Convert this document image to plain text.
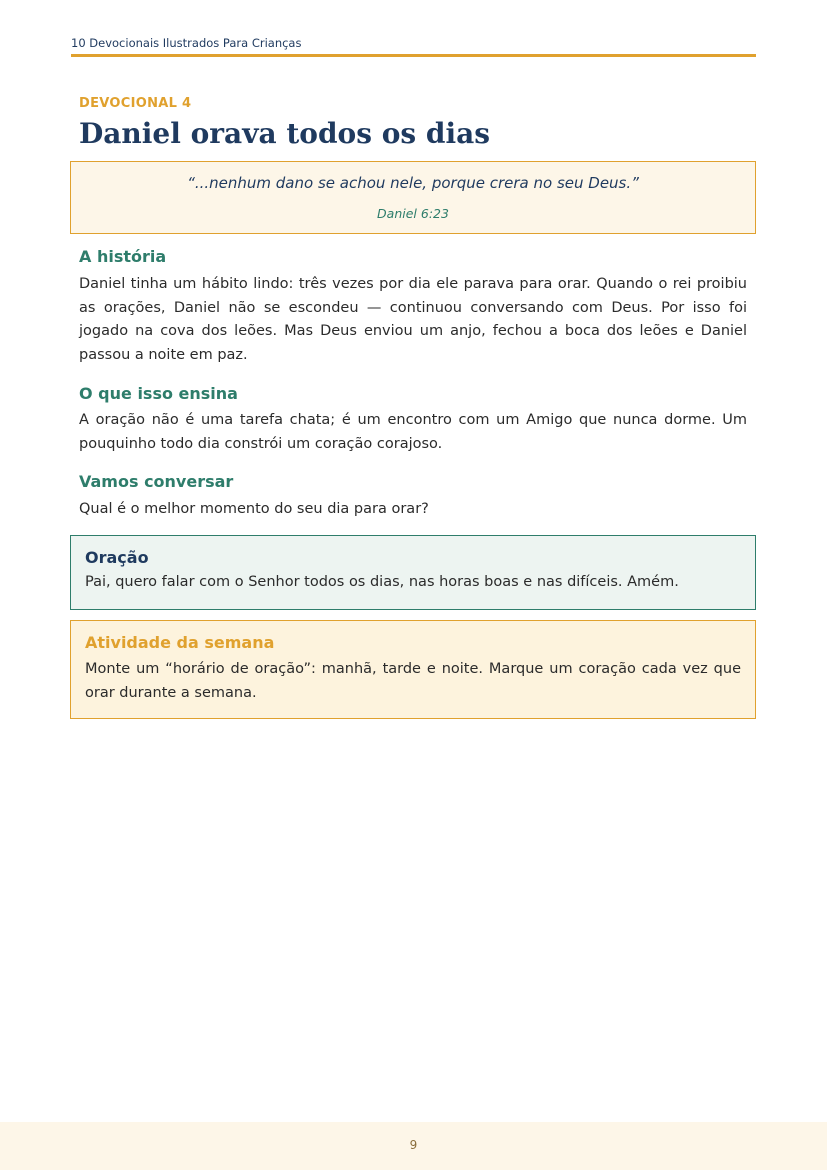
10 Devocionais Ilustrados Para Crianças
DEVOCIONAL 4
Daniel orava todos os dias
“...nenhum dano se achou nele, porque crera no seu Deus.”
Daniel 6:23
A história

Daniel tinha um hábito lindo: três vezes por dia ele parava para orar. Quando o rei proibiu as orações, Daniel não se escondeu — continuou conversando com Deus. Por isso foi jogado na cova dos leões. Mas Deus enviou um anjo, fechou a boca dos leões e Daniel passou a noite em paz.

O que isso ensina

A oração não é uma tarefa chata; é um encontro com um Amigo que nunca dorme. Um pouquinho todo dia constrói um coração corajoso.

Vamos conversar

Qual é o melhor momento do seu dia para orar?

Oração
Pai, quero falar com o Senhor todos os dias, nas horas boas e nas difíceis. Amém.
Atividade da semana

Monte um “horário de oração”: manhã, tarde e noite. Marque um coração cada vez que orar durante a semana.

9
